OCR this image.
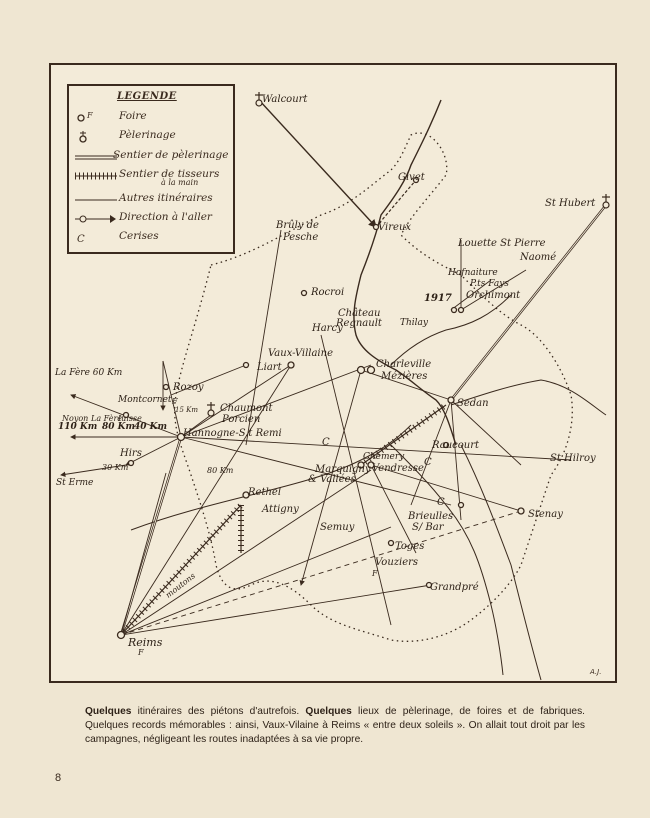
LEGENDE
F	Foire
Pèlerinage
Sentier de pèlerinage
Sentier de tisseurs
à la main
Autres itinéraires
Direction à l'aller
C	Cerises
Walcourt
Givet
Vireux
St Hubert
Brûly de
Pesche
Louette St Pierre
Naomé
Hofnaiture
P.ts Fays
Orchimont
1917
Rocroi
Château
Regnault Thilay
Harcy
Vaux-Villaine
Liart	Charleville
Mézières
Sedan
La Fère 60 Km
Rozoy
Montcornet F
15 Km Chaumont
Porcien
Hannogne-S.t Remi
Noyon La Fère
Iuisse
110 Km 80 Km
40 Km
80 Km
Hirs
St Erme
30 Km
Raucourt
Chémery
Marquigny Vendresse
& Vallées
C
C
C
St Hilroy
Rethel
Attigny
Semuy
Brieulles
S/ Bar
Stenay
Toges
Vouziers
F
Grandpré
moutons
Reims
F
A.J.
Quelques itinéraires des piétons d'autrefois. Quelques lieux de pèlerinage, de foires et de fabriques. Quelques records mémorables : ainsi, Vaux-Vilaine à Reims « entre deux soleils ». On allait tout droit par les campagnes, négligeant les routes inadaptées à sa vie propre.
8
